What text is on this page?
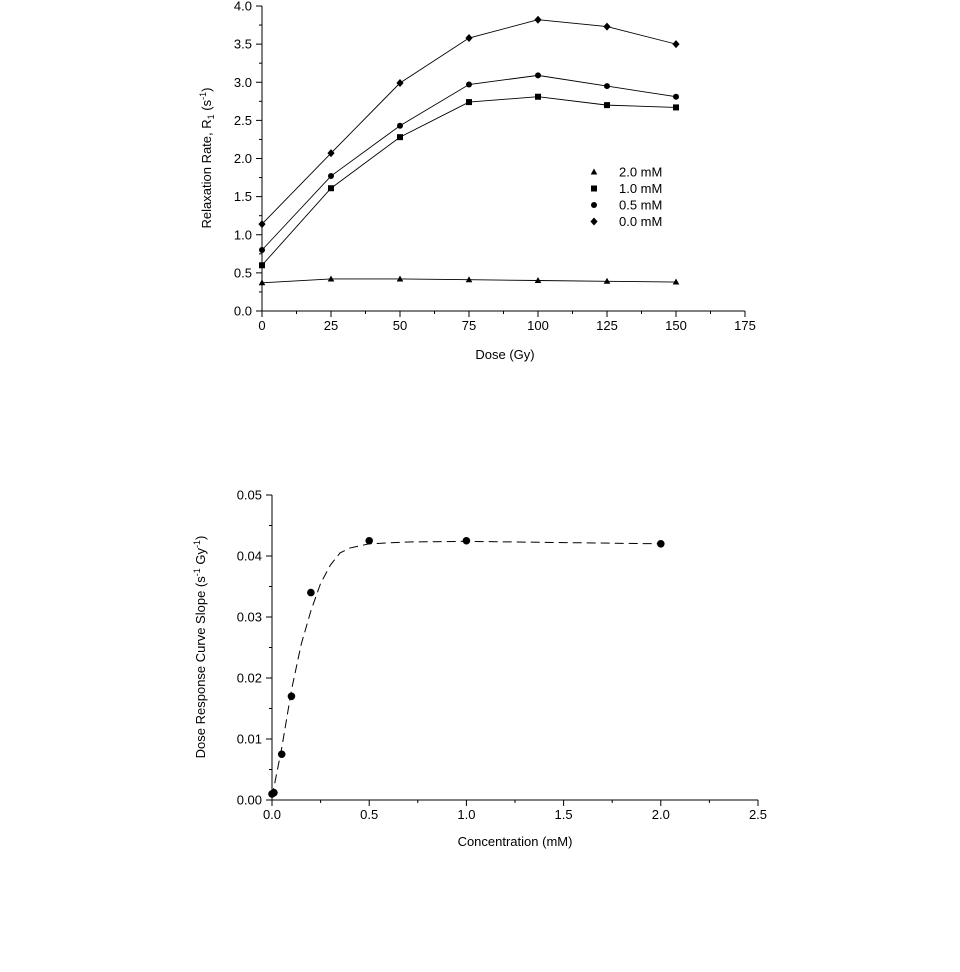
0	25	50	75	100	125	150	175
0.0
0.5
1.0
1.5
2.0
2.5
3.0
3.5
4.0
2.0 mM
1.0 mM
0.5 mM
0.0 mM
Dose (Gy)
Relaxation Rate, $R_1$ $(s^{-1})$
0.0	0.5	1.0	1.5	2.0	2.5
0.00
0.01
0.02
0.03
0.04
0.05
Concentration (mM)
Dose Response Curve Slope ($s^{-1}$ $Gy^{-1}$)
